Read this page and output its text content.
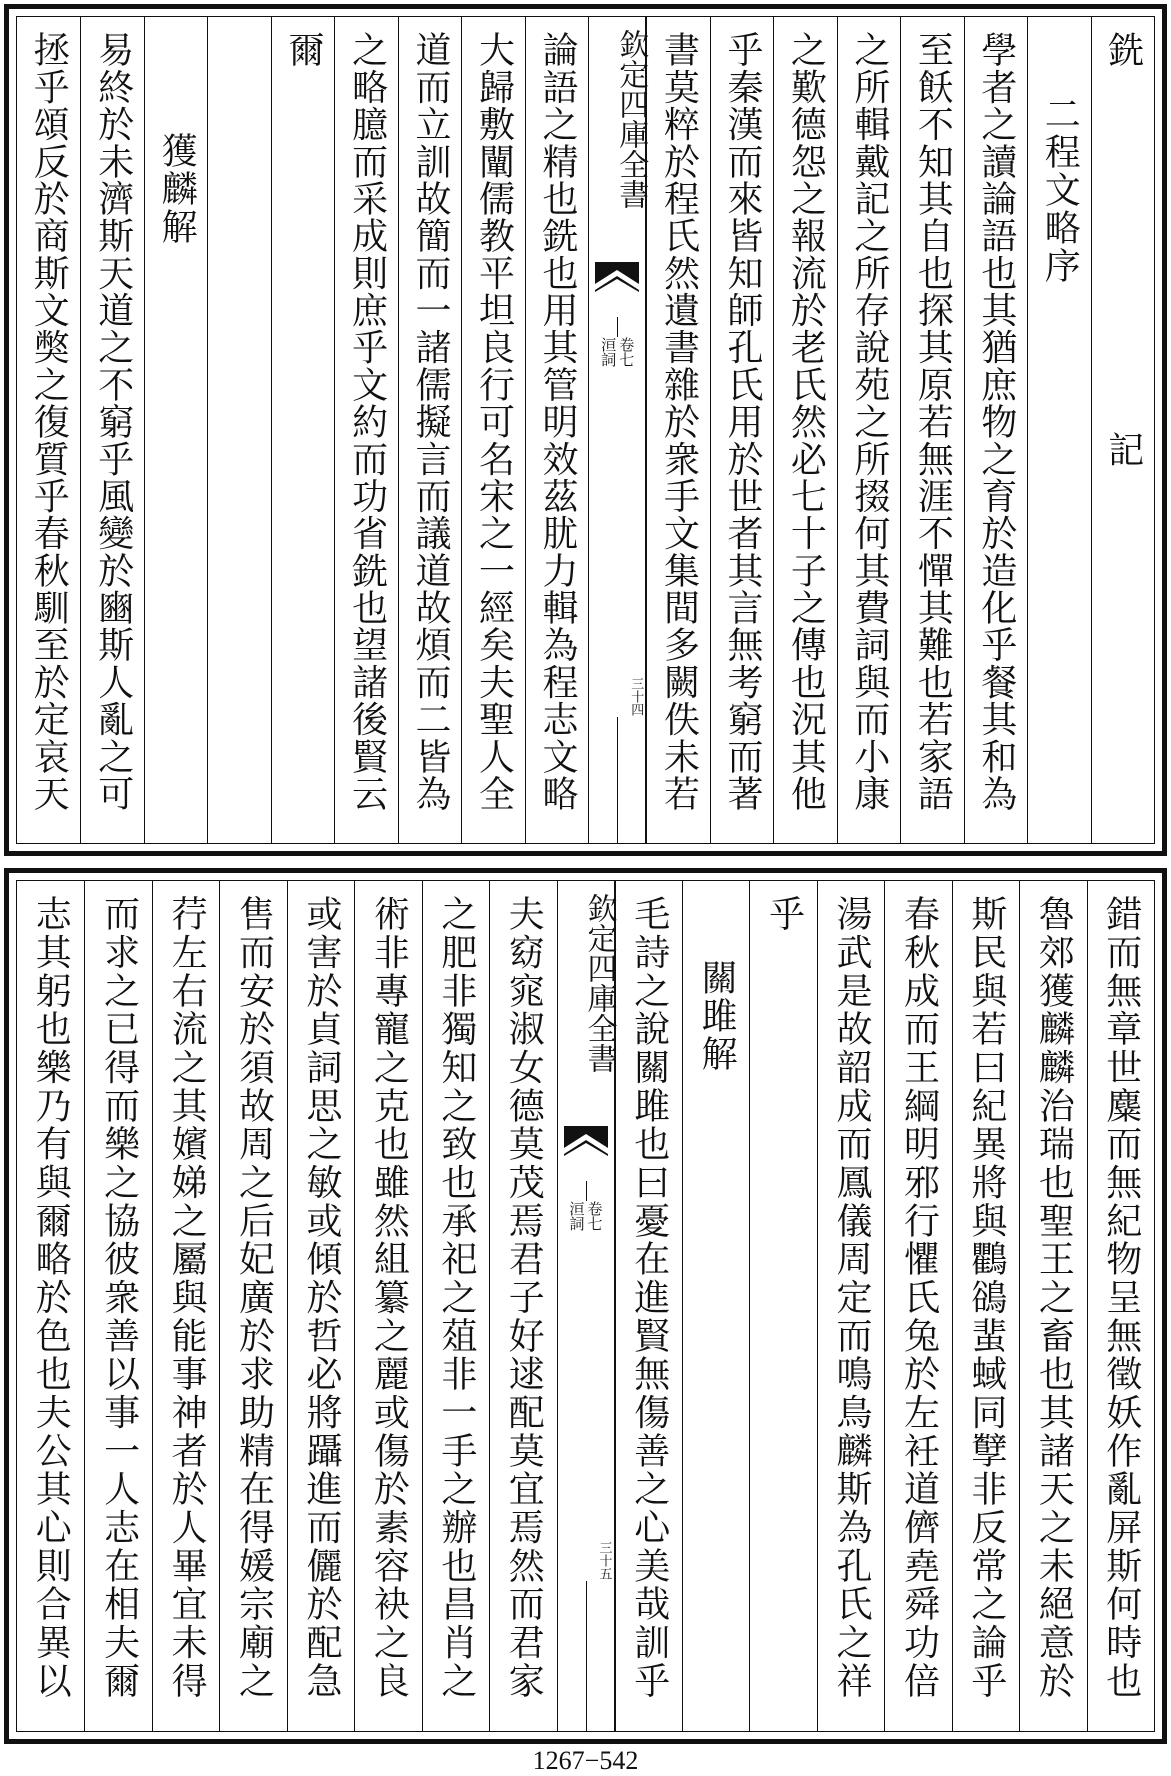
銑記
二程文略序
學者之讀論語也其猶庶物之育於造化乎餐其和為
至飫不知其自也探其原若無涯不憚其難也若家語
之所輯戴記之所存說苑之所掇何其費詞與而小康
之歎德怨之報流於老氏然必七十子之傳也況其他
乎秦漢而來皆知師孔氏用於世者其言無考窮而著
書莫粹於程氏然遺書雜於衆手文集間多闕佚未若
欽定四庫全書
洹詞 卷七
三十四
論語之精也銑也用其管明效茲肬力輯為程志文略
大歸敷闡儒教平坦良行可名宋之一經矣夫聖人全
道而立訓故簡而一諸儒擬言而議道故煩而二皆為
之略臆而采成則庶乎文約而功省銑也望諸後賢云
爾
獲麟解
易終於未濟斯天道之不窮乎風變於豳斯人亂之可
拯乎頌反於商斯文獘之復質乎春秋馴至於定哀天
錯而無章世麋而無紀物呈無徵妖作亂屏斯何時也
魯郊獲麟麟治瑞也聖王之畜也其諸天之未絕意於
斯民與若曰紀異將與鸜鵒蜚蜮同孼非反常之論乎
春秋成而王綱明邪行懼氏兔於左衽道儕堯舜功倍
湯武是故韶成而鳳儀周定而鳴鳥麟斯為孔氏之祥
乎
關雎解
毛詩之說關雎也曰憂在進賢無傷善之心美哉訓乎
欽定四庫全書
洹詞 卷七
三十五
夫窈窕淑女德莫茂焉君子好逑配莫宜焉然而君家
之肥非獨知之致也承祀之葅非一手之辦也昌肖之
術非專寵之克也雖然組纂之麗或傷於素容袂之良
或害於貞詞思之敏或傾於哲必將躡進而儷於配急
售而安於須故周之后妃廣於求助精在得媛宗廟之
荇左右流之其嬪娣之屬與能事神者於人畢宜未得
而求之已得而樂之協彼衆善以事一人志在相夫爾
志其躬也樂乃有與爾略於色也夫公其心則合異以
1267−542
